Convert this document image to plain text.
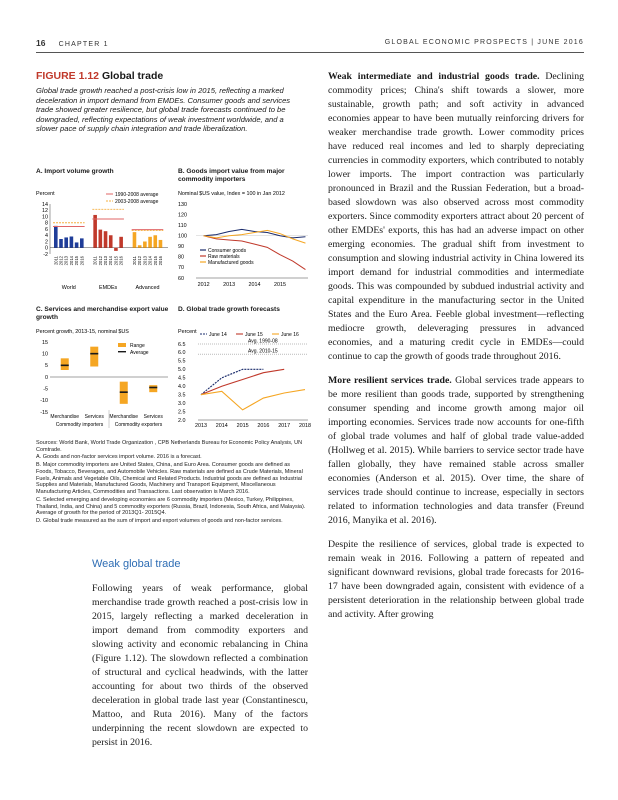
16 CHAPTER 1	GLOBAL ECONOMIC PROSPECTS | JUNE 2016
FIGURE 1.12 Global trade
Global trade growth reached a post-crisis low in 2015, reflecting a marked deceleration in import demand from EMDEs. Consumer goods and services trade showed greater resilience, but global trade forecasts continued to be downgraded, reflecting expectations of weak investment worldwide, and a slower pace of supply chain integration and trade liberalization.
A. Import volume growth	B. Goods import value from major commodity importers
C. Services and merchandise export value growth
D. Global trade growth forecasts
Percent
-2
0
2
4
6
8
10
12
14
2011 2012 2013 2014 2015 2016
World
2011 2012 2013 2014 2015 2016
EMDEs
2011 2012 2013 2014 2015 2016
Advanced
1990-2008 average
2003-2008 average
Nominal $US value, Index = 100 in Jan 2012
60
70
80
90
100
110
120
130
2012 2013 2014 2015
Consumer goods
Raw materials
Manufactured goods
Percent growth, 2013-15, nominal $US
-15
-10
-5
0
5
10
15
Merchandise Services Merchandise Services
Commodity importers Commodity exporters
Range
Average
Percent
2.0
2.5
3.0
3.5
4.0
4.5
5.0
5.5
6.0
6.5
2013 2014 2015 2016 2017 2018
Avg. 1990-08
Avg. 2010-15
June 14	June 15	June 16

Sources: World Bank, World Trade Organization , CPB Netherlands Bureau for Economic Policy Analysis, UN Comtrade.

A. Goods and non-factor services import volume. 2016 is a forecast.

B. Major commodity importers are United States, China, and Euro Area. Consumer goods are defined as Foods, Tobacco, Beverages, and Automobile Vehicles. Raw materials are defined as Crude Materials, Mineral Fuels, Animals and Vegetable Oils, Chemical and Related Products. Industrial goods are defined as Industrial Supplies and Materials, Manufactured Goods, Machinery and Transport Equipment, Miscellaneous Manufacturing Articles, Commodities and Transactions. Last observation is March 2016.

C. Selected emerging and developing economies are 6 commodity importers (Mexico, Turkey, Philippines, Thailand, India, and China) and 5 commodity exporters (Russia, Brazil, Indonesia, South Africa, and Malaysia). Average of growth for the period of 2013Q1- 2015Q4.

D. Global trade measured as the sum of import and export volumes of goods and non-factor services.

Weak global trade
Following years of weak performance, global merchandise trade growth reached a post-crisis low in 2015, largely reflecting a marked deceleration in import demand from commodity exporters and slowing activity and economic rebalancing in China (Figure 1.12). The slowdown reflected a combination of structural and cyclical headwinds, with the latter accounting for about two thirds of the observed deceleration in global trade last year (Constantinescu, Mattoo, and Ruta 2016). Many of the factors underpinning the recent slowdown are expected to persist in 2016.

Weak intermediate and industrial goods trade. Declining commodity prices; China's shift towards a slower, more sustainable, growth path; and soft activity in advanced economies appear to have been mutually reinforcing drivers for weaker merchandise trade growth. Lower commodity prices have reduced real incomes and led to sharply depreciating currencies in commodity exporters, which contributed to notably lower imports. The import contraction was particularly pronounced in Brazil and the Russian Federation, but a broad-based slowdown was also observed across most commodity exporters. Since commodity exporters attract about 20 percent of other EMDEs' exports, this has had an adverse impact on other emerging economies. The gradual shift from investment to consumption and slowing industrial activity in China lowered its import demand for industrial commodities and intermediate goods. This was compounded by subdued industrial activity and capital expenditure in the manufacturing sector in the United States and the Euro Area. Feeble global investment—reflecting mediocre growth, deleveraging pressures in advanced economies, and a maturing credit cycle in EMDEs—could continue to cap the growth of goods trade throughout 2016.

More resilient services trade. Global services trade appears to be more resilient than goods trade, supported by strengthening consumer spending and income growth among major oil importing economies. Services trade now accounts for one-fifth of global trade volumes and half of global trade value-added (Hollweg et al. 2015). While barriers to service sector trade have fallen globally, they have remained stable across smaller economies (Anderson et al. 2015). Over time, the share of services trade should continue to increase, especially in sectors related to information technologies and data transfer (Freund 2016, Manyika et al. 2016).

Despite the resilience of services, global trade is expected to remain weak in 2016. Following a pattern of repeated and significant downward revisions, global trade forecasts for 2016-17 have been downgraded again, consistent with evidence of a persistent deterioration in the relationship between global trade and activity. After growing
